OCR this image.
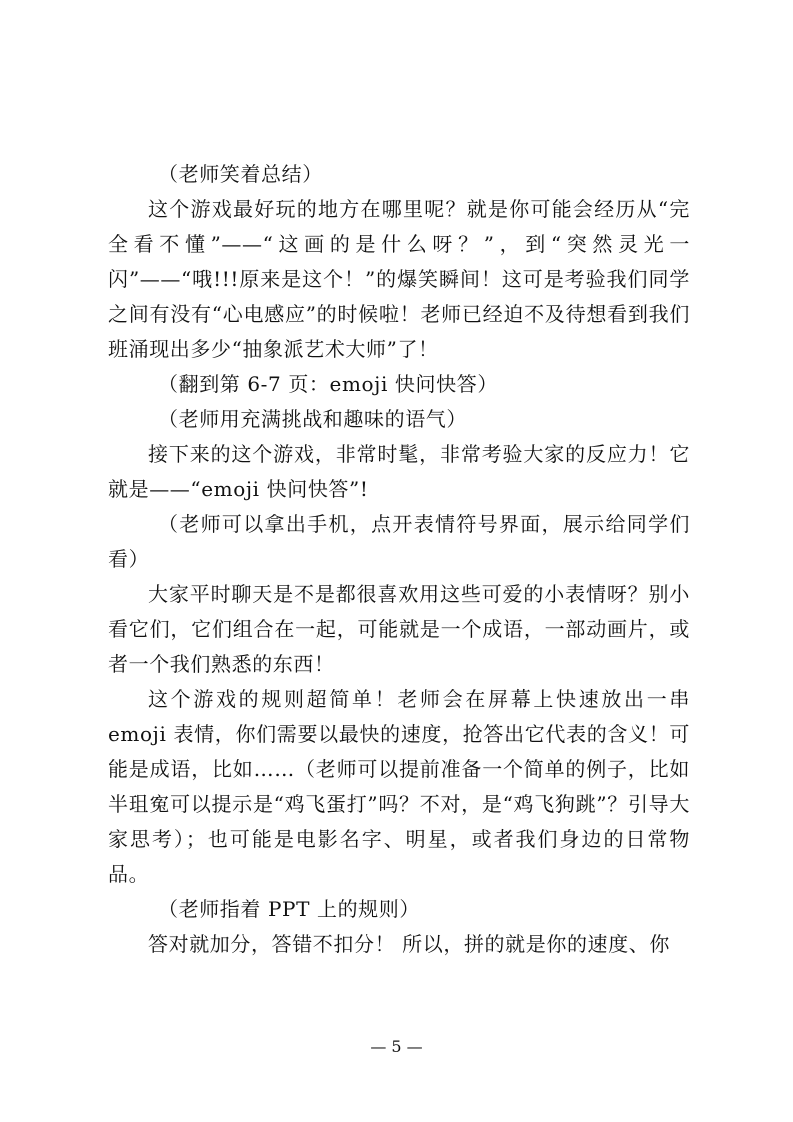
（老师笑着总结）

这个游戏最好玩的地方在哪里呢？就是你可能会经历从“完全看不懂”——“这画的是什么呀？”，到“突然灵光一闪”——“哦!!!原来是这个！”的爆笑瞬间！这可是考验我们同学之间有没有“心电感应”的时候啦！老师已经迫不及待想看到我们班涌现出多少“抽象派艺术大师”了！

（翻到第 6-7 页：emoji 快问快答）

（老师用充满挑战和趣味的语气）

接下来的这个游戏，非常时髦，非常考验大家的反应力！它就是——“emoji 快问快答”!

（老师可以拿出手机，点开表情符号界面，展示给同学们看）

大家平时聊天是不是都很喜欢用这些可爱的小表情呀？别小看它们，它们组合在一起，可能就是一个成语，一部动画片，或者一个我们熟悉的东西！

这个游戏的规则超简单！老师会在屏幕上快速放出一串emoji 表情，你们需要以最快的速度，抢答出它代表的含义！可能是成语，比如……（老师可以提前准备一个简单的例子，比如半珇寃可以提示是“鸡飞蛋打”吗？不对，是“鸡飞狗跳”？引导大家思考）；也可能是电影名字、明星，或者我们身边的日常物品。

（老师指着 PPT 上的规则）

答对就加分，答错不扣分！ 所以，拼的就是你的速度、你

— 5 —
